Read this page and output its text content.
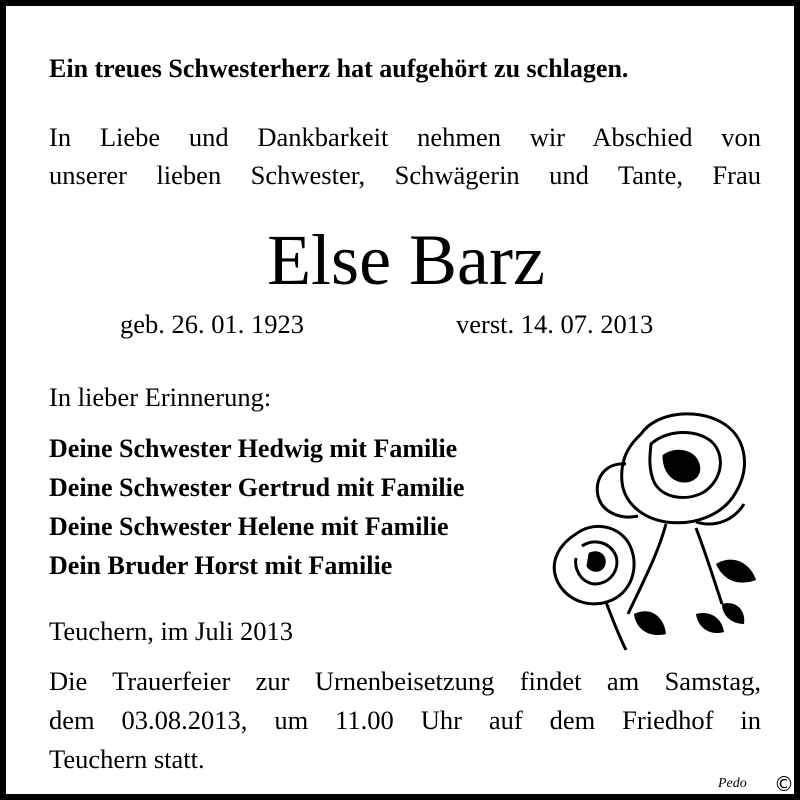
Ein treues Schwesterherz hat aufgehört zu schlagen.
In Liebe und Dankbarkeit nehmen wir Abschied von
unserer lieben Schwester, Schwägerin und Tante, Frau
Else Barz
geb. 26. 01. 1923	verst. 14. 07. 2013
In lieber Erinnerung:
Deine Schwester Hedwig mit Familie
Deine Schwester Gertrud mit Familie
Deine Schwester Helene mit Familie
Dein Bruder Horst mit Familie
Teuchern, im Juli 2013
Die Trauerfeier zur Urnenbeisetzung findet am Samstag,
dem 03.08.2013, um 11.00 Uhr auf dem Friedhof in
Teuchern statt.
Pedo ©
